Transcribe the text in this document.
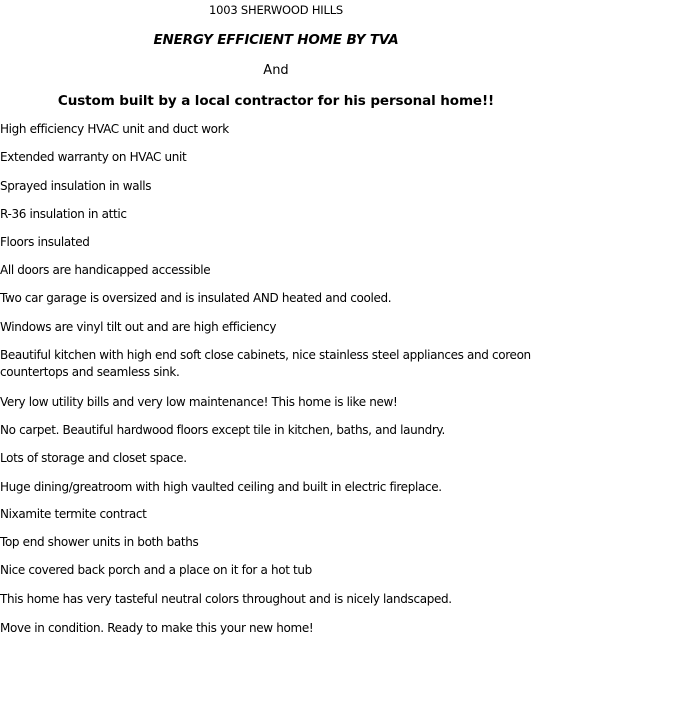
1003 SHERWOOD HILLS
ENERGY EFFICIENT HOME BY TVA
And
Custom built by a local contractor for his personal home!!
High efficiency HVAC unit and duct work
Extended warranty on HVAC unit
Sprayed insulation in walls
R-36 insulation in attic
Floors insulated
All doors are handicapped accessible
Two car garage is oversized and is insulated AND heated and cooled.
Windows are vinyl tilt out and are high efficiency
Beautiful kitchen with high end soft close cabinets, nice stainless steel appliances and coreon countertops and seamless sink.
Very low utility bills and very low maintenance! This home is like new!
No carpet. Beautiful hardwood floors except tile in kitchen, baths, and laundry.
Lots of storage and closet space.
Huge dining/greatroom with high vaulted ceiling and built in electric fireplace.
Nixamite termite contract
Top end shower units in both baths
Nice covered back porch and a place on it for a hot tub
This home has very tasteful neutral colors throughout and is nicely landscaped.
Move in condition. Ready to make this your new home!
